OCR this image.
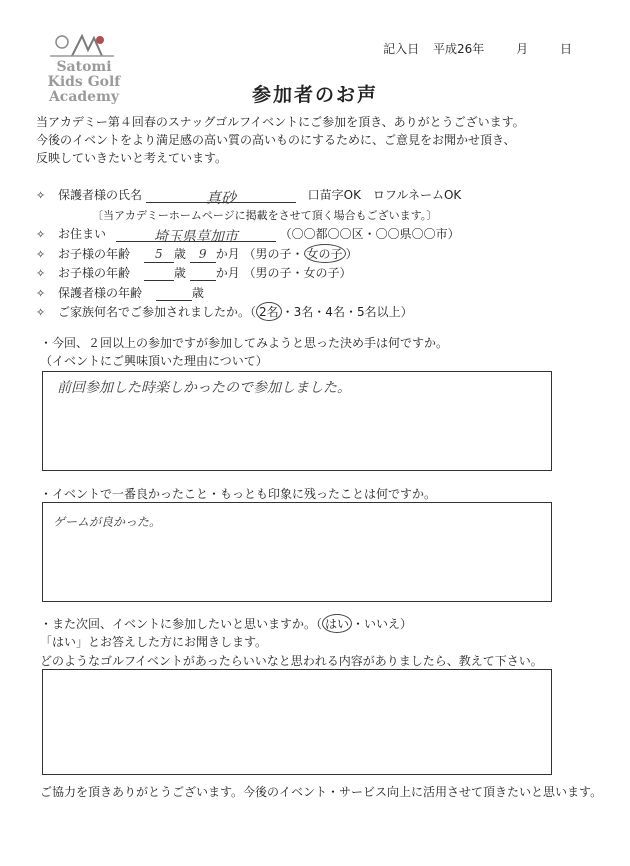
Satomi
Kids Golf
Academy
記入日 平成26年	月	日
参加者のお声
当アカデミー第４回春のスナッグゴルフイベントにご参加を頂き、ありがとうございます。
今後のイベントをより満足感の高い質の高いものにするために、ご意見をお聞かせ頂き、
反映していきたいと考えています。
✧ 保護者様の氏名	真砂	口苗字OK ロフルネームOK
〔当アカデミーホームページに掲載をさせて頂く場合もございます。〕
✧ お住まい	埼玉県草加市	（〇〇都〇〇区・〇〇県〇〇市）
✧ お子様の年齢 5 歳 9 か月 （男の子・ 女の子 ）
✧ お子様の年齢	歳 か月 （男の子・女の子）
✧ 保護者様の年齢	歳
✧ ご家族何名でご参加されましたか。（ 2名 ・3名・4名・5名以上）
・今回、２回以上の参加ですが参加してみようと思った決め手は何ですか。
（イベントにご興味頂いた理由について）
前回参加した時楽しかったので参加しました。
・イベントで一番良かったこと・もっとも印象に残ったことは何ですか。
ゲームが良かった。
・また次回、イベントに参加したいと思いますか。（ はい ・いいえ）
「はい」とお答えした方にお聞きします。
どのようなゴルフイベントがあったらいいなと思われる内容がありましたら、教えて下さい。
ご協力を頂きありがとうございます。今後のイベント・サービス向上に活用させて頂きたいと思います。
